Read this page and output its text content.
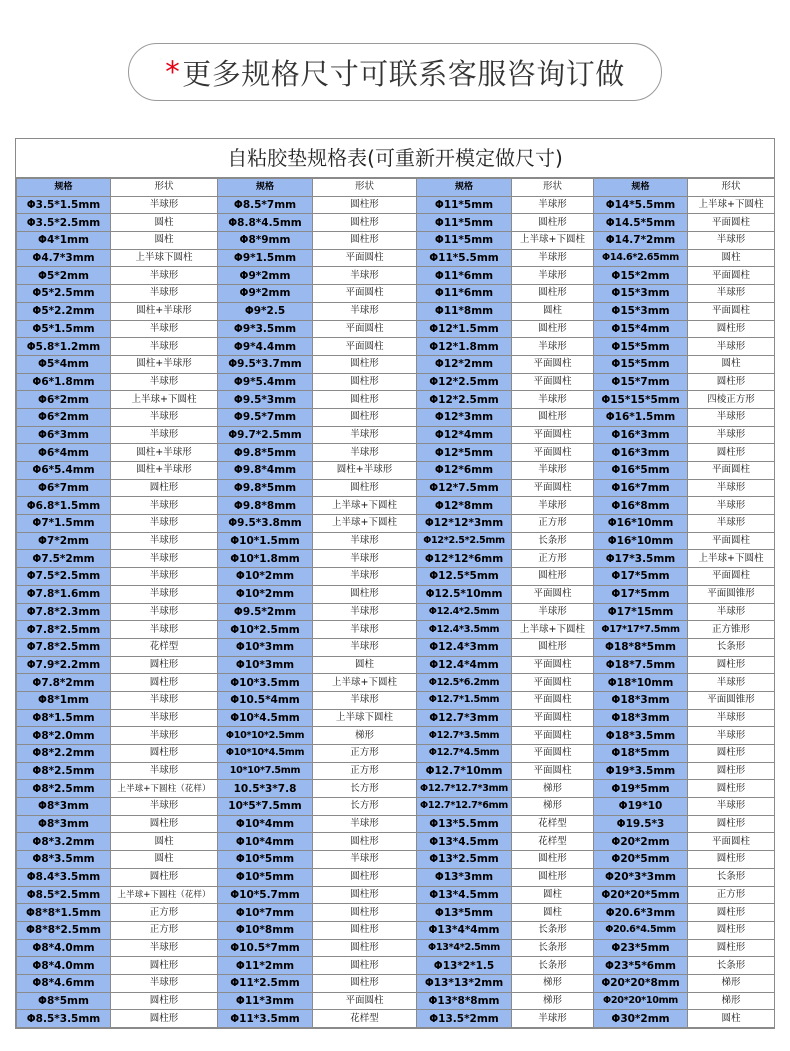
* 更多规格尺寸可联系客服咨询订做
自粘胶垫规格表(可重新开模定做尺寸)
规格	形状	规格	形状	规格	形状	规格	形状
Φ3.5*1.5mm	半球形	Φ8.5*7mm	圆柱形	Φ11*5mm	半球形	Φ14*5.5mm	上半球+下圆柱
Φ3.5*2.5mm	圆柱	Φ8.8*4.5mm	圆柱形	Φ11*5mm	圆柱形	Φ14.5*5mm	平面圆柱
Φ4*1mm	圆柱	Φ8*9mm	圆柱形	Φ11*5mm	上半球+下圆柱	Φ14.7*2mm	半球形
Φ4.7*3mm	上半球下圆柱	Φ9*1.5mm	平面圆柱	Φ11*5.5mm	半球形	Φ14.6*2.65mm	圆柱
Φ5*2mm	半球形	Φ9*2mm	半球形	Φ11*6mm	半球形	Φ15*2mm	平面圆柱
Φ5*2.5mm	半球形	Φ9*2mm	平面圆柱	Φ11*6mm	圆柱形	Φ15*3mm	半球形
Φ5*2.2mm	圆柱+半球形	Φ9*2.5	半球形	Φ11*8mm	圆柱	Φ15*3mm	平面圆柱
Φ5*1.5mm	半球形	Φ9*3.5mm	平面圆柱	Φ12*1.5mm	圆柱形	Φ15*4mm	圆柱形
Φ5.8*1.2mm	半球形	Φ9*4.4mm	平面圆柱	Φ12*1.8mm	半球形	Φ15*5mm	半球形
Φ5*4mm	圆柱+半球形	Φ9.5*3.7mm	圆柱形	Φ12*2mm	平面圆柱	Φ15*5mm	圆柱
Φ6*1.8mm	半球形	Φ9*5.4mm	圆柱形	Φ12*2.5mm	平面圆柱	Φ15*7mm	圆柱形
Φ6*2mm	上半球+下圆柱	Φ9.5*3mm	圆柱形	Φ12*2.5mm	半球形	Φ15*15*5mm	四棱正方形
Φ6*2mm	半球形	Φ9.5*7mm	圆柱形	Φ12*3mm	圆柱形	Φ16*1.5mm	半球形
Φ6*3mm	半球形	Φ9.7*2.5mm	半球形	Φ12*4mm	平面圆柱	Φ16*3mm	半球形
Φ6*4mm	圆柱+半球形	Φ9.8*5mm	半球形	Φ12*5mm	平面圆柱	Φ16*3mm	圆柱形
Φ6*5.4mm	圆柱+半球形	Φ9.8*4mm	圆柱+半球形	Φ12*6mm	半球形	Φ16*5mm	平面圆柱
Φ6*7mm	圆柱形	Φ9.8*5mm	圆柱形	Φ12*7.5mm	平面圆柱	Φ16*7mm	半球形
Φ6.8*1.5mm	半球形	Φ9.8*8mm	上半球+下圆柱	Φ12*8mm	半球形	Φ16*8mm	半球形
Φ7*1.5mm	半球形	Φ9.5*3.8mm	上半球+下圆柱	Φ12*12*3mm	正方形	Φ16*10mm	半球形
Φ7*2mm	半球形	Φ10*1.5mm	半球形	Φ12*2.5*2.5mm	长条形	Φ16*10mm	平面圆柱
Φ7.5*2mm	半球形	Φ10*1.8mm	半球形	Φ12*12*6mm	正方形	Φ17*3.5mm	上半球+下圆柱
Φ7.5*2.5mm	半球形	Φ10*2mm	半球形	Φ12.5*5mm	圆柱形	Φ17*5mm	平面圆柱
Φ7.8*1.6mm	半球形	Φ10*2mm	圆柱形	Φ12.5*10mm	平面圆柱	Φ17*5mm	平面圆锥形
Φ7.8*2.3mm	半球形	Φ9.5*2mm	半球形	Φ12.4*2.5mm	半球形	Φ17*15mm	半球形
Φ7.8*2.5mm	半球形	Φ10*2.5mm	半球形	Φ12.4*3.5mm	上半球+下圆柱	Φ17*17*7.5mm	正方锥形
Φ7.8*2.5mm	花样型	Φ10*3mm	半球形	Φ12.4*3mm	圆柱形	Φ18*8*5mm	长条形
Φ7.9*2.2mm	圆柱形	Φ10*3mm	圆柱	Φ12.4*4mm	平面圆柱	Φ18*7.5mm	圆柱形
Φ7.8*2mm	圆柱形	Φ10*3.5mm	上半球+下圆柱	Φ12.5*6.2mm	平面圆柱	Φ18*10mm	半球形
Φ8*1mm	半球形	Φ10.5*4mm	半球形	Φ12.7*1.5mm	平面圆柱	Φ18*3mm	平面圆锥形
Φ8*1.5mm	半球形	Φ10*4.5mm	上半球下圆柱	Φ12.7*3mm	平面圆柱	Φ18*3mm	半球形
Φ8*2.0mm	半球形	Φ10*10*2.5mm	梯形	Φ12.7*3.5mm	平面圆柱	Φ18*3.5mm	半球形
Φ8*2.2mm	圆柱形	Φ10*10*4.5mm	正方形	Φ12.7*4.5mm	平面圆柱	Φ18*5mm	圆柱形
Φ8*2.5mm	半球形	10*10*7.5mm	正方形	Φ12.7*10mm	平面圆柱	Φ19*3.5mm	圆柱形
Φ8*2.5mm	上半球+下圆柱（花样）	10.5*3*7.8	长方形	Φ12.7*12.7*3mm	梯形	Φ19*5mm	圆柱形
Φ8*3mm	半球形	10*5*7.5mm	长方形	Φ12.7*12.7*6mm	梯形	Φ19*10	半球形
Φ8*3mm	圆柱形	Φ10*4mm	半球形	Φ13*5.5mm	花样型	Φ19.5*3	圆柱形
Φ8*3.2mm	圆柱	Φ10*4mm	圆柱形	Φ13*4.5mm	花样型	Φ20*2mm	平面圆柱
Φ8*3.5mm	圆柱	Φ10*5mm	半球形	Φ13*2.5mm	圆柱形	Φ20*5mm	圆柱形
Φ8.4*3.5mm	圆柱形	Φ10*5mm	圆柱形	Φ13*3mm	圆柱形	Φ20*3*3mm	长条形
Φ8.5*2.5mm	上半球+下圆柱（花样）	Φ10*5.7mm	圆柱形	Φ13*4.5mm	圆柱	Φ20*20*5mm	正方形
Φ8*8*1.5mm	正方形	Φ10*7mm	圆柱形	Φ13*5mm	圆柱	Φ20.6*3mm	圆柱形
Φ8*8*2.5mm	正方形	Φ10*8mm	圆柱形	Φ13*4*4mm	长条形	Φ20.6*4.5mm	圆柱形
Φ8*4.0mm	半球形	Φ10.5*7mm	圆柱形	Φ13*4*2.5mm	长条形	Φ23*5mm	圆柱形
Φ8*4.0mm	圆柱形	Φ11*2mm	圆柱形	Φ13*2*1.5	长条形	Φ23*5*6mm	长条形
Φ8*4.6mm	半球形	Φ11*2.5mm	圆柱形	Φ13*13*2mm	梯形	Φ20*20*8mm	梯形
Φ8*5mm	圆柱形	Φ11*3mm	平面圆柱	Φ13*8*8mm	梯形	Φ20*20*10mm	梯形
Φ8.5*3.5mm	圆柱形	Φ11*3.5mm	花样型	Φ13.5*2mm	半球形	Φ30*2mm	圆柱
